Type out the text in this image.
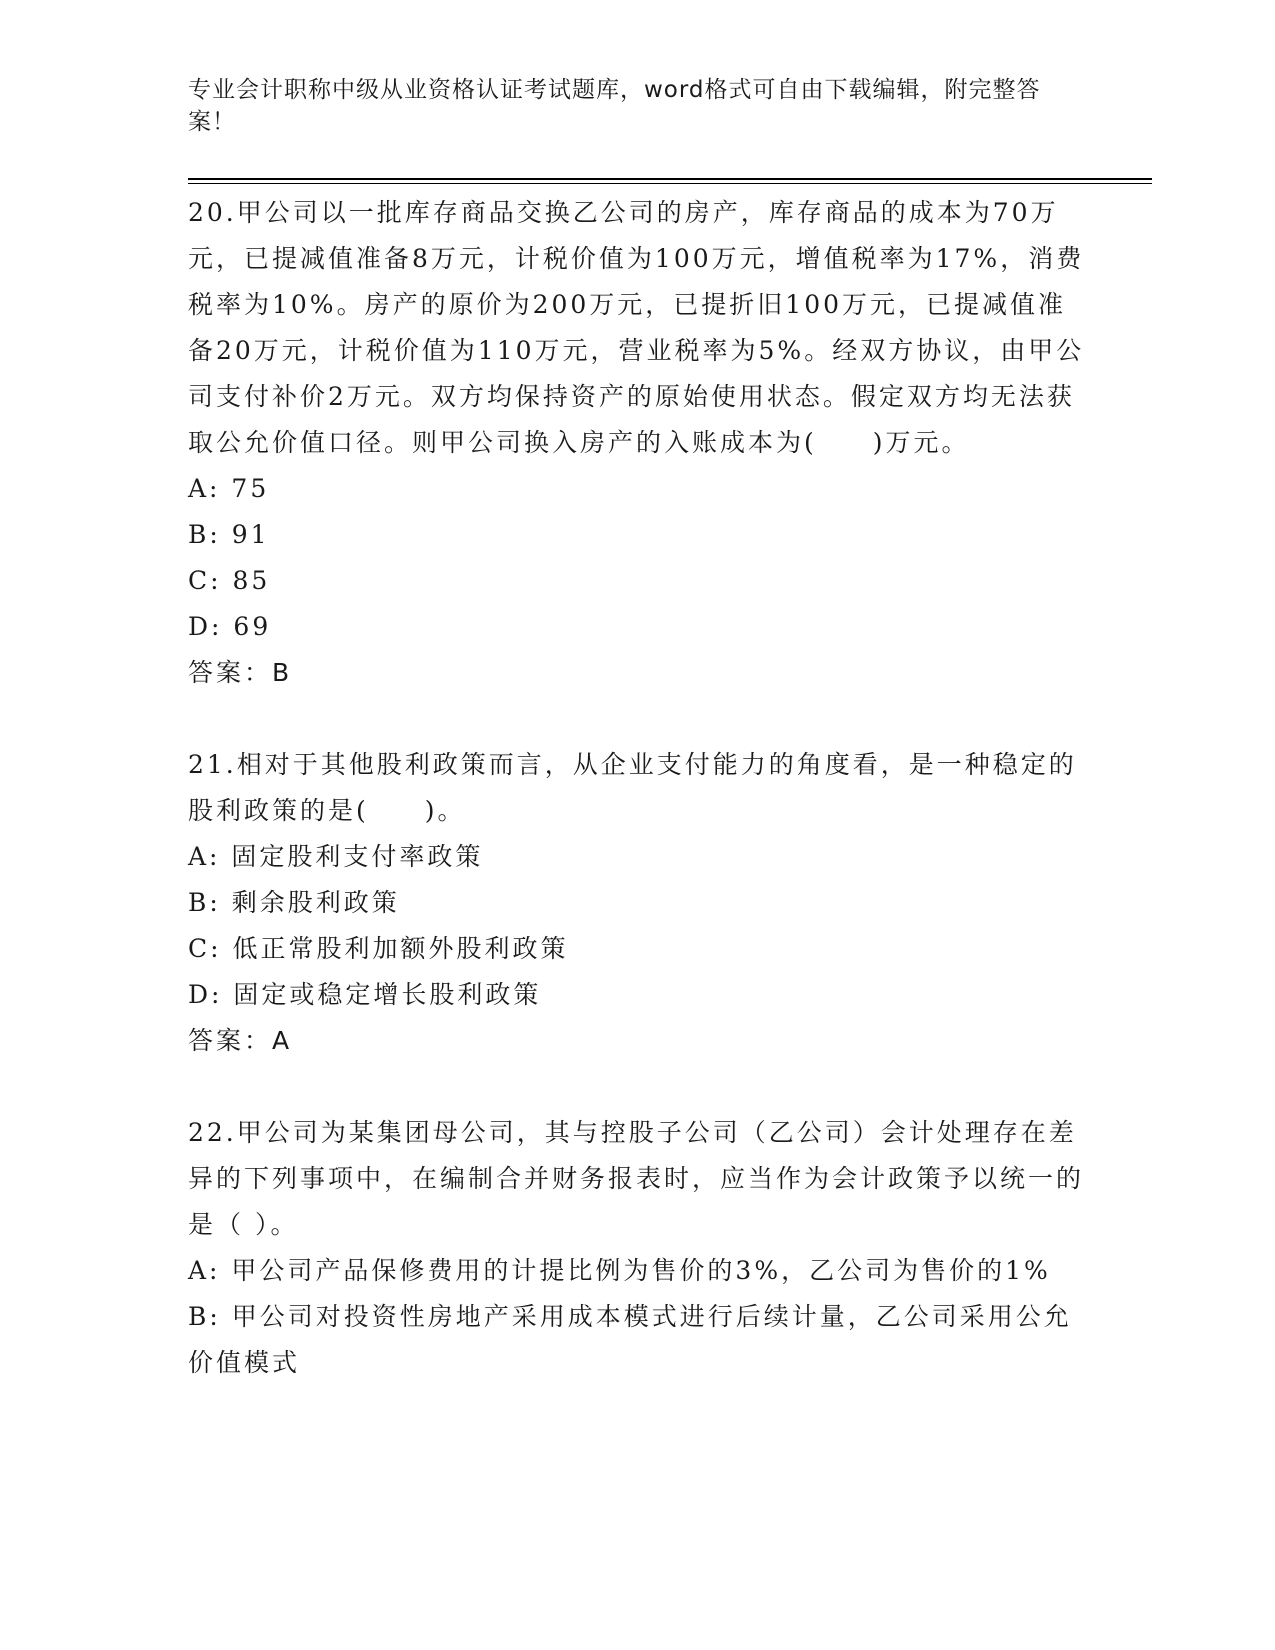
专业会计职称中级从业资格认证考试题库，word格式可自由下载编辑，附完整答案！

20.甲公司以一批库存商品交换乙公司的房产，库存商品的成本为70万元，已提减值准备8万元，计税价值为100万元，增值税率为17%，消费税率为10%。房产的原价为200万元，已提折旧100万元，已提减值准备20万元，计税价值为110万元，营业税率为5%。经双方协议，由甲公司支付补价2万元。双方均保持资产的原始使用状态。假定双方均无法获取公允价值口径。则甲公司换入房产的入账成本为(　　)万元。

A: 75

B: 91

C: 85

D: 69

答案：B

21.相对于其他股利政策而言，从企业支付能力的角度看，是一种稳定的股利政策的是(　　)。

A: 固定股利支付率政策

B: 剩余股利政策

C: 低正常股利加额外股利政策

D: 固定或稳定增长股利政策

答案：A

22.甲公司为某集团母公司，其与控股子公司（乙公司）会计处理存在差异的下列事项中，在编制合并财务报表时，应当作为会计政策予以统一的是（ ）。

A: 甲公司产品保修费用的计提比例为售价的3%，乙公司为售价的1%

B: 甲公司对投资性房地产采用成本模式进行后续计量，乙公司采用公允价值模式
